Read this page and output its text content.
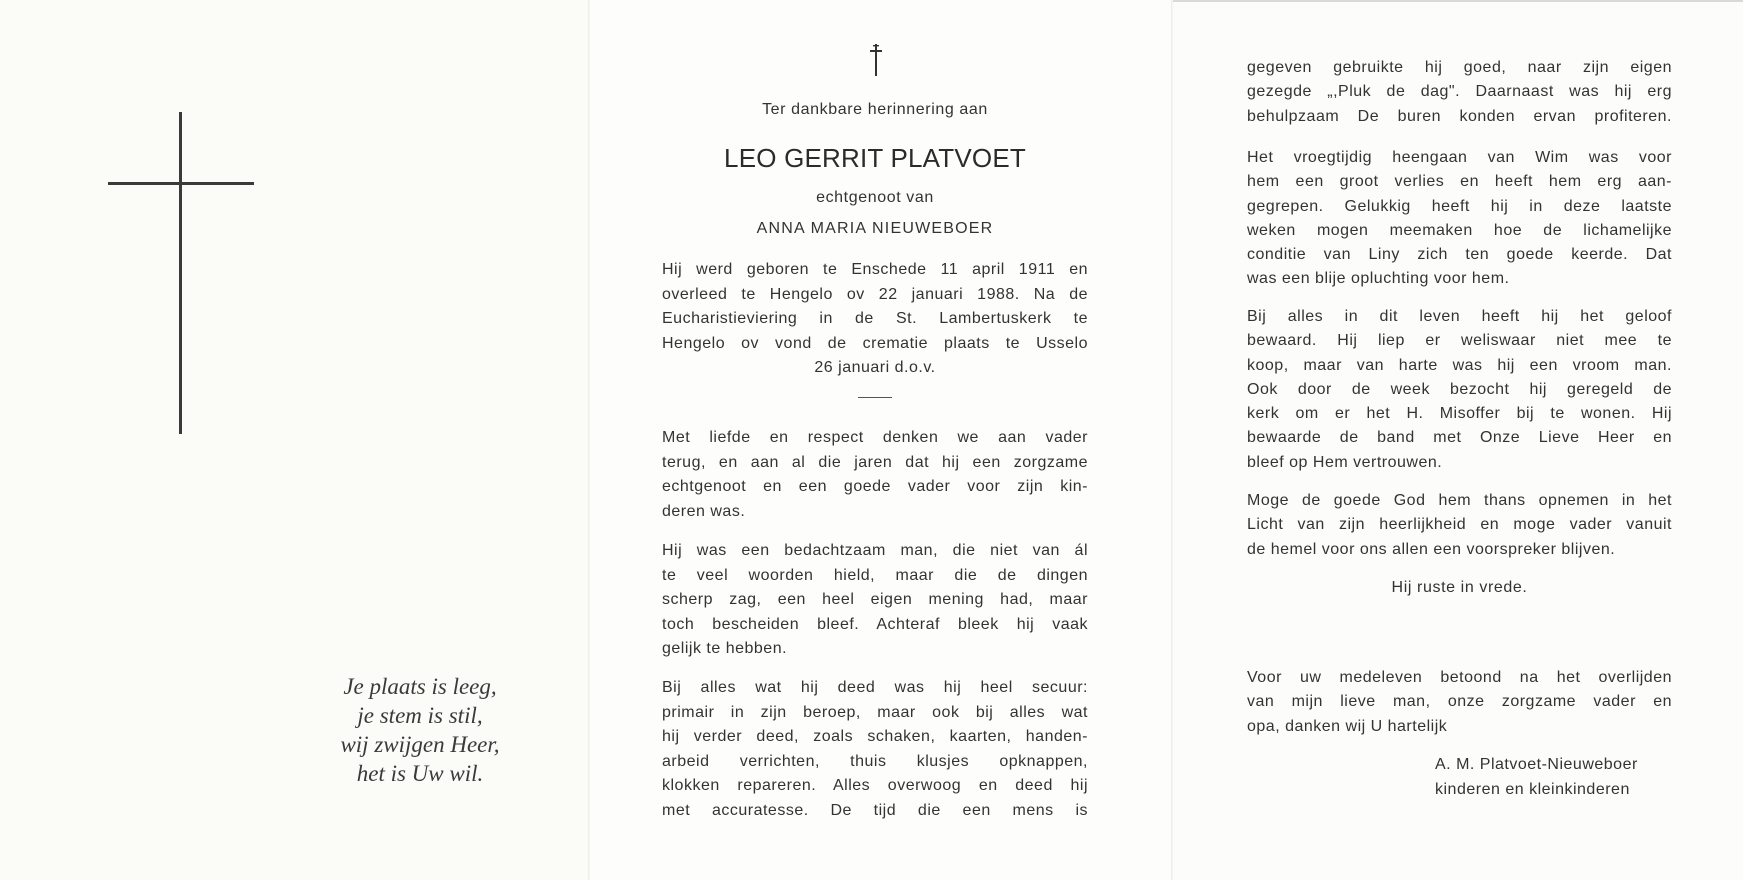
Je plaats is leeg,
je stem is stil,
wij zwijgen Heer,
het is Uw wil.
Ter dankbare herinnering aan
LEO GERRIT PLATVOET
echtgenoot van
ANNA MARIA NIEUWEBOER
Hij werd geboren te Enschede 11 april 1911 en
overleed te Hengelo ov 22 januari 1988. Na de
Eucharistieviering in de St. Lambertuskerk te
Hengelo ov vond de crematie plaats te Usselo
26 januari d.o.v.
Met liefde en respect denken we aan vader
terug, en aan al die jaren dat hij een zorgzame
echtgenoot en een goede vader voor zijn kin-
deren was.
Hij was een bedachtzaam man, die niet van ál
te veel woorden hield, maar die de dingen
scherp zag, een heel eigen mening had, maar
toch bescheiden bleef. Achteraf bleek hij vaak
gelijk te hebben.
Bij alles wat hij deed was hij heel secuur:
primair in zijn beroep, maar ook bij alles wat
hij verder deed, zoals schaken, kaarten, handen-
arbeid verrichten, thuis klusjes opknappen,
klokken repareren. Alles overwoog en deed hij
met accuratesse. De tijd die een mens is
gegeven gebruikte hij goed, naar zijn eigen
gezegde „,Pluk de dag". Daarnaast was hij erg
behulpzaam De buren konden ervan profiteren.
Het vroegtijdig heengaan van Wim was voor
hem een groot verlies en heeft hem erg aan-
gegrepen. Gelukkig heeft hij in deze laatste
weken mogen meemaken hoe de lichamelijke
conditie van Liny zich ten goede keerde. Dat
was een blije opluchting voor hem.
Bij alles in dit leven heeft hij het geloof
bewaard. Hij liep er weliswaar niet mee te
koop, maar van harte was hij een vroom man.
Ook door de week bezocht hij geregeld de
kerk om er het H. Misoffer bij te wonen. Hij
bewaarde de band met Onze Lieve Heer en
bleef op Hem vertrouwen.
Moge de goede God hem thans opnemen in het
Licht van zijn heerlijkheid en moge vader vanuit
de hemel voor ons allen een voorspreker blijven.
Hij ruste in vrede.
Voor uw medeleven betoond na het overlijden
van mijn lieve man, onze zorgzame vader en
opa, danken wij U hartelijk
A. M. Platvoet-Nieuweboer
kinderen en kleinkinderen
